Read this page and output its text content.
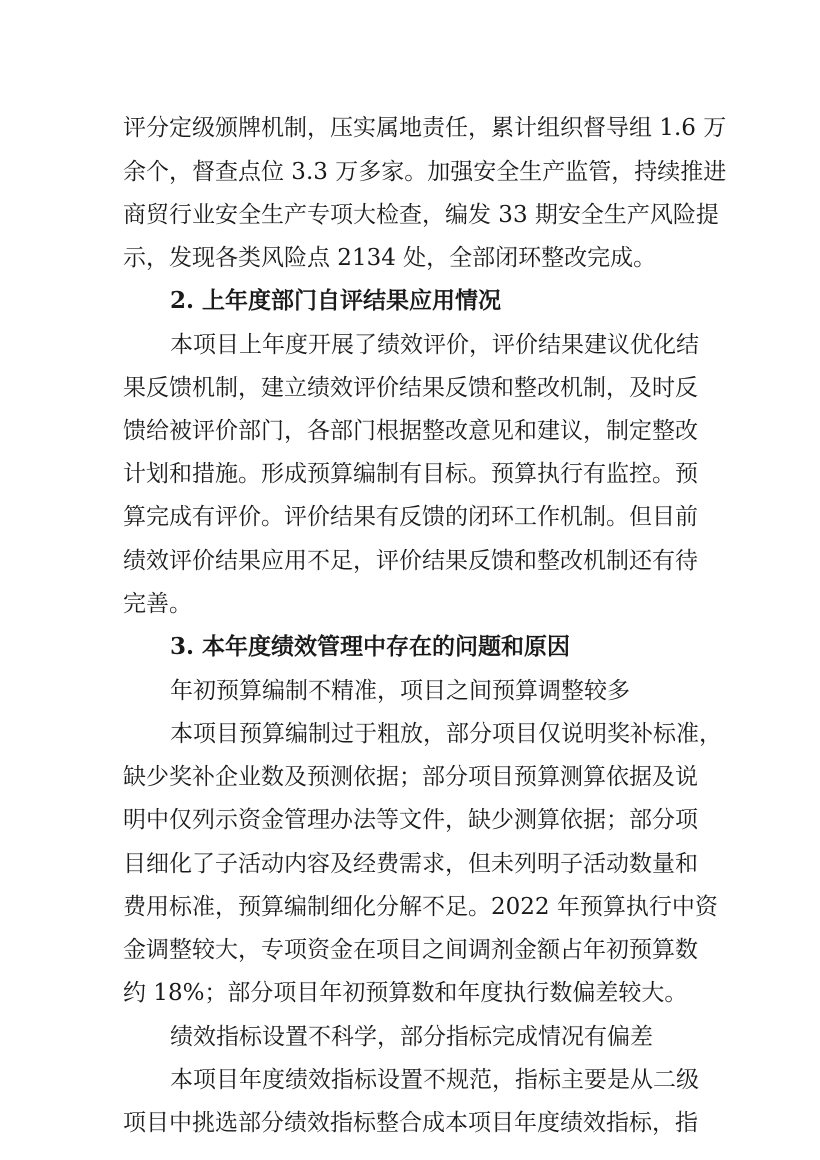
评分定级颁牌机制，压实属地责任，累计组织督导组 1.6 万
余个，督查点位 3.3 万多家。加强安全生产监管，持续推进
商贸行业安全生产专项大检查，编发 33 期安全生产风险提
示，发现各类风险点 2134 处，全部闭环整改完成。
2. 上年度部门自评结果应用情况
本项目上年度开展了绩效评价，评价结果建议优化结
果反馈机制，建立绩效评价结果反馈和整改机制，及时反
馈给被评价部门，各部门根据整改意见和建议，制定整改
计划和措施。形成预算编制有目标。预算执行有监控。预
算完成有评价。评价结果有反馈的闭环工作机制。但目前
绩效评价结果应用不足，评价结果反馈和整改机制还有待
完善。
3. 本年度绩效管理中存在的问题和原因
年初预算编制不精准，项目之间预算调整较多
本项目预算编制过于粗放，部分项目仅说明奖补标准，
缺少奖补企业数及预测依据；部分项目预算测算依据及说
明中仅列示资金管理办法等文件，缺少测算依据；部分项
目细化了子活动内容及经费需求，但未列明子活动数量和
费用标准，预算编制细化分解不足。2022 年预算执行中资
金调整较大，专项资金在项目之间调剂金额占年初预算数
约 18%；部分项目年初预算数和年度执行数偏差较大。
绩效指标设置不科学，部分指标完成情况有偏差
本项目年度绩效指标设置不规范，指标主要是从二级
项目中挑选部分绩效指标整合成本项目年度绩效指标，指
